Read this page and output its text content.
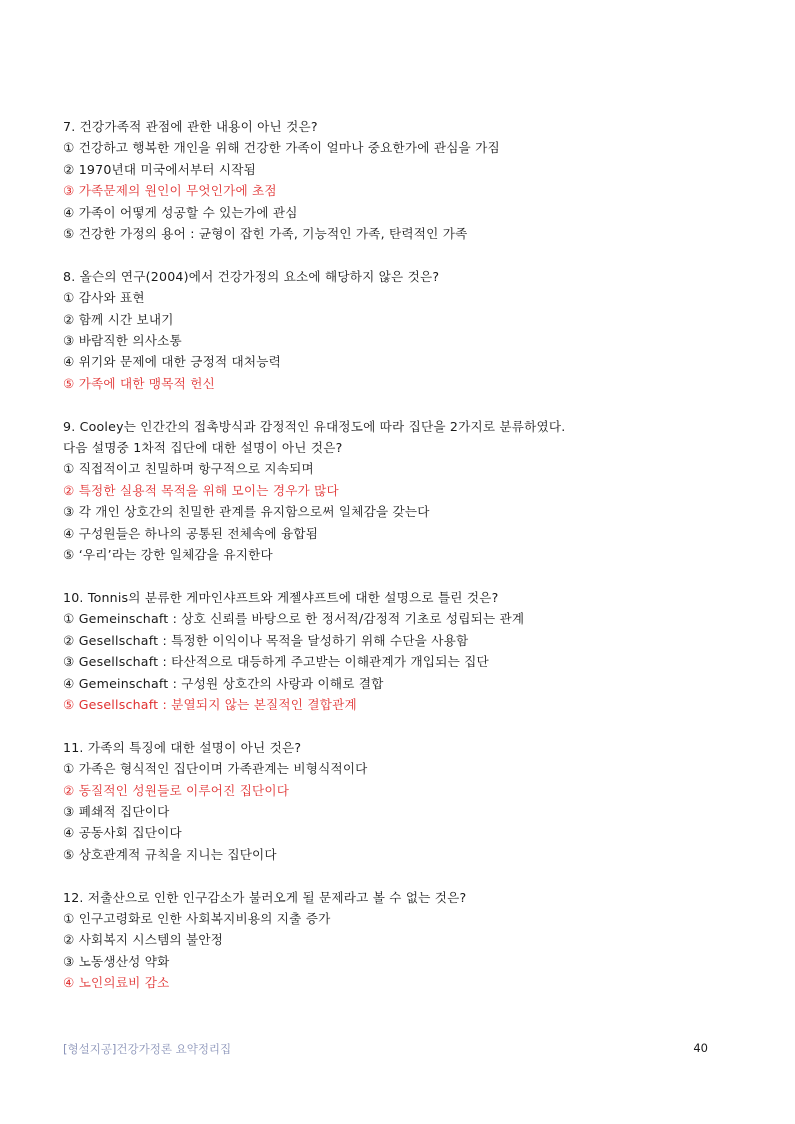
7. 건강가족적 관점에 관한 내용이 아닌 것은?
① 건강하고 행복한 개인을 위해 건강한 가족이 얼마나 중요한가에 관심을 가짐
② 1970년대 미국에서부터 시작됨
③ 가족문제의 원인이 무엇인가에 초점
④ 가족이 어떻게 성공할 수 있는가에 관심
⑤ 건강한 가정의 용어 : 균형이 잡힌 가족, 기능적인 가족, 탄력적인 가족
8. 올슨의 연구(2004)에서 건강가정의 요소에 해당하지 않은 것은?
① 감사와 표현
② 함께 시간 보내기
③ 바람직한 의사소통
④ 위기와 문제에 대한 긍정적 대처능력
⑤ 가족에 대한 맹목적 헌신
9. Cooley는 인간간의 접촉방식과 감정적인 유대정도에 따라 집단을 2가지로 분류하였다.
다음 설명중 1차적 집단에 대한 설명이 아닌 것은?
① 직접적이고 친밀하며 항구적으로 지속되며
② 특정한 실용적 목적을 위해 모이는 경우가 많다
③ 각 개인 상호간의 친밀한 관계를 유지함으로써 일체감을 갖는다
④ 구성원들은 하나의 공통된 전체속에 융합됨
⑤ ‘우리’라는 강한 일체감을 유지한다
10. Tonnis의 분류한 게마인샤프트와 게젤샤프트에 대한 설명으로 틀린 것은?
① Gemeinschaft : 상호 신뢰를 바탕으로 한 정서적/감정적 기초로 성립되는 관계
② Gesellschaft : 특정한 이익이나 목적을 달성하기 위해 수단을 사용함
③ Gesellschaft : 타산적으로 대등하게 주고받는 이해관계가 개입되는 집단
④ Gemeinschaft : 구성원 상호간의 사랑과 이해로 결합
⑤ Gesellschaft : 분열되지 않는 본질적인 결합관계
11. 가족의 특징에 대한 설명이 아닌 것은?
① 가족은 형식적인 집단이며 가족관계는 비형식적이다
② 동질적인 성원들로 이루어진 집단이다
③ 폐쇄적 집단이다
④ 공동사회 집단이다
⑤ 상호관계적 규칙을 지니는 집단이다
12. 저출산으로 인한 인구감소가 불러오게 될 문제라고 볼 수 없는 것은?
① 인구고령화로 인한 사회복지비용의 지출 증가
② 사회복지 시스템의 불안정
③ 노동생산성 약화
④ 노인의료비 감소
[형설지공]건강가정론 요약정리집	40
